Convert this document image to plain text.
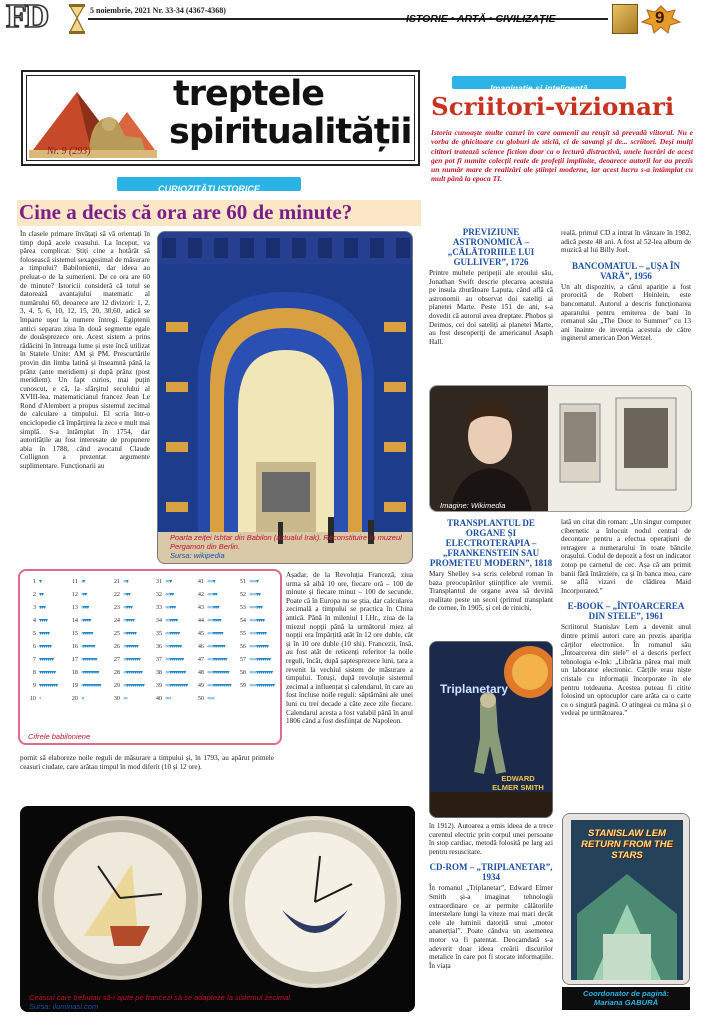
FD	5 noiembrie, 2021 Nr. 33-34 (4367-4368)
ISTORIE • ARTĂ • CIVILIZAȚIE	9
treptele
spiritualității
Nr. 9 (293)
CURIOZITĂȚI ISTORICE
Cine a decis că ora are 60 de minute?

În clasele primare învățați să vă orientați în timp după acele ceasului. La început, va părea complicat. Știți cine a hotărât să folosească sistemul sexagesimal de măsurare a timpului? Babilonienii, dar ideea au preluat-o de la sumerieni. De ce ora are 60 de minute? Istoricii consideră că totul se datorează avantajului matematic al numărului 60, deoarece are 12 divizori: 1, 2, 3, 4, 5, 6, 10, 12, 15, 20, 30,60, adică se împarte ușor la numere întregi. Egiptenii antici separau ziua în două segmente egale de douăsprezece ore. Acest sistem a prins rădăcini în întreaga lume și este încă utilizat în Statele Unite: AM și PM. Prescurtările provin din limba latină și înseamnă până la prânz (ante meridiem) și după prânz (post meridiem). Un fapt curios, mai puțin cunoscut, e că, la sfârșitul secolului al XVIII-lea, matematicianul francez Jean Le Rond d'Alembert a propus sistemul zecimal de calculare a timpului. El scria într-o enciclopedie că împărțirea la zece e mult mai simplă. S-a întâmplat în 1754, dar autoritățile au fost interesate de propunere abia în 1788, când avocatul Claude Collignon a prezentat argumente suplimentare. Funcționarii au

Poarta zeiței Ishtar din Babilon (actualul Irak). Reconstituire în muzeul Pergamon din Berlin.
Sursa: wikipedia

1 ▾	11 ‹▾	21 ‹‹▾	31 ‹‹‹▾	41 ‹‹‹‹▾	51 ‹‹‹‹‹▾
2 ▾▾	12 ‹▾▾	22 ‹‹▾▾	32 ‹‹‹▾▾	42 ‹‹‹‹▾▾	52 ‹‹‹‹‹▾▾
3 ▾▾▾	13 ‹▾▾▾	23 ‹‹▾▾▾	33 ‹‹‹▾▾▾	43 ‹‹‹‹▾▾▾	53 ‹‹‹‹‹▾▾▾
4 ▾▾▾▾	14 ‹▾▾▾▾	24 ‹‹▾▾▾▾	34 ‹‹‹▾▾▾▾	44 ‹‹‹‹▾▾▾▾	54 ‹‹‹‹‹▾▾▾▾
5 ▾▾▾▾▾	15 ‹▾▾▾▾▾	25 ‹‹▾▾▾▾▾	35 ‹‹‹▾▾▾▾▾	45 ‹‹‹‹▾▾▾▾▾	55 ‹‹‹‹‹▾▾▾▾▾
6 ▾▾▾▾▾▾	16 ‹▾▾▾▾▾▾	26 ‹‹▾▾▾▾▾▾	36 ‹‹‹▾▾▾▾▾▾	46 ‹‹‹‹▾▾▾▾▾▾	56 ‹‹‹‹‹▾▾▾▾▾▾
7 ▾▾▾▾▾▾▾	17 ‹▾▾▾▾▾▾▾	27 ‹‹▾▾▾▾▾▾▾	37 ‹‹‹▾▾▾▾▾▾▾	47 ‹‹‹‹▾▾▾▾▾▾▾	57 ‹‹‹‹‹▾▾▾▾▾▾▾
8 ▾▾▾▾▾▾▾▾	18 ‹▾▾▾▾▾▾▾▾	28 ‹‹▾▾▾▾▾▾▾▾	38 ‹‹‹▾▾▾▾▾▾▾▾	48 ‹‹‹‹▾▾▾▾▾▾▾▾	58 ‹‹‹‹‹▾▾▾▾▾▾▾▾
9 ▾▾▾▾▾▾▾▾▾	19 ‹▾▾▾▾▾▾▾▾▾	29 ‹‹▾▾▾▾▾▾▾▾▾	39 ‹‹‹▾▾▾▾▾▾▾▾▾	49 ‹‹‹‹▾▾▾▾▾▾▾▾▾	59 ‹‹‹‹‹▾▾▾▾▾▾▾▾▾
10 ‹	20 ‹‹	30 ‹‹‹	40 ‹‹‹‹	50 ‹‹‹‹‹
Cifrele babiloniene

Așadar, de la Revoluția Franceză, ziua urma să aibă 10 ore, fiecare oră – 100 de minute și fiecare minut – 100 de secunde. Poate că în Europa nu se știa, dar calcularea zecimală a timpului se practica în China antică. Până în mileniul I î.Hr., ziua de la miezul nopții până la următorul miez al nopții era împărțită atât în 12 ore duble, cât și în 10 ore duble (10 shi). Francezii, însă, au fost atât de reticenți referitor la noile reguli, încât, după șaptesprezece luni, țara a revenit la vechiul sistem de măsurare a timpului. Totuși, după revoluție sistemul zecimal a influențat și calendarul, în care au fost încluse noile reguli: săptămâni ale unei luni cu trei decade a câte zece zile fiecare. Calendarul acesta a fost valabil până în anul 1806 când a fost desființat de Napoleon.

pornit să elaboreze noile reguli de măsurare a timpului și, în 1793, au apărut primele ceasuri ciudate, care arătau timpul în mod diferit (10 și 12 ore).

Ceasuri care trebuiau să-i ajute pe francezi să se adapteze la sistemul zecimal.
Sursa: iluminasi.com
Imaginație și inteligență
Scriitori-vizionari

Istoria cunoaște multe cazuri în care oamenii au reușit să prevadă viitorul. Nu e vorba de ghicitoare cu globuri de sticlă, ci de savanți și de... scriitori. Deși mulți cititori tratează science fiction doar ca o lectură distractivă, unele lucrări de acest gen pot fi numite colecții reale de profeții împlinite, deoarece autorii lor au prezis un număr mare de realizări ale științei moderne, iar acest lucru s-a întâmplat cu mult până la epoca TI.

PREVIZIUNE ASTRONOMICĂ – „CĂLĂTORIILE LUI GULLIVER”, 1726

Printre multele peripeții ale eroului său, Jonathan Swift descrie plecarea acestuia pe insula zburătoare Laputa, când află că astronomii au observat doi sateliți ai planetei Marte. Peste 151 de ani, s-a dovedit că autorul avea dreptate. Phobos și Deimos, cei doi sateliți ai planetei Marte, au fost descoperiți de americanul Asaph Hall.

reală, primul CD a intrat în vânzare în 1982, adică peste 48 ani. A fost al 52-lea album de muzică al lui Billy Joel.

BANCOMATUL – „UȘA ÎN VARĂ”, 1956

Un alt dispozitiv, a cărui apariție a fost prorocită de Robert Heinlein, este bancomatul. Autorul a descris funcționarea aparatului pentru emiterea de bani în romanul său „The Door to Summer” cu 13 ani înainte de invenția acestuia de către inginerul american Don Wetzel.

Imagine: Wikimedia
TRANSPLANTUL DE ORGANE ȘI ELECTROTERAPIA – „FRANKENSTEIN SAU PROMETEU MODERN”, 1818

Mary Shelley s-a scris celebrul roman în baza preocupărilor științifice ale vremii. Transplantul de organe avea să devină realitate peste un secol (primul transplant de cornee, în 1905, și cel de rinichi,

lată un citat din roman: „Un singur computer cibernetic a înlocuit nodul central de decontare pentru a efectua operațiuni de retragere a numerarului în toate băncile orașului. Codul de depozit a fost un indicator zotop pe carnetul de cec. Așa că am primit banii fără întârziere, ca și în banca mea, care se află vizavi de clădirea Maid Incorporated.”

E-BOOK – „ÎNTOARCEREA DIN STELE”, 1961

Scriitorul Stanislav Lem a devenit unul dintre primii autori care au prezis apariția cărților electronice. În romanul său „Întoarcerea din stele” el a descris perfect tehnologia e-Ink: „Librăria părea mai mult un laborator electronic. Cărțile erau niște cristale cu informații încorporate în ele pentru totdeauna. Acestea puteau fi citite folosind un optocuplor care arăta ca o carte cu o singură pagină. O atingeai cu mâna și o vedeai pe următoarea.”

Triplanetary
EDWARD ELMER SMITH

în 1912). Autoarea a emis ideea de a trece curentul electric prin corpul unei persoane în stop cardiac, metodă folosită pe larg azi pentru resuscitare.

CD-ROM – „TRIPLANETAR”, 1934

În romanul „Triplanetar”, Edward Elmer Smith și-a imaginat tehnologii extraordinare ce ar permite călătoriile interstelare lungi la viteze mai mari decât cele ale luminii datorită unui „motor ananerțial”. Poate cândva un asemenea motor va fi patentat. Deocamdată s-a adeverit doar ideea creării discurilor metalice în care pot fi stocate informațiile. În viața

STANISLAW LEM RETURN FROM THE STARS
Coordonator de pagină: Mariana GABURĂ
